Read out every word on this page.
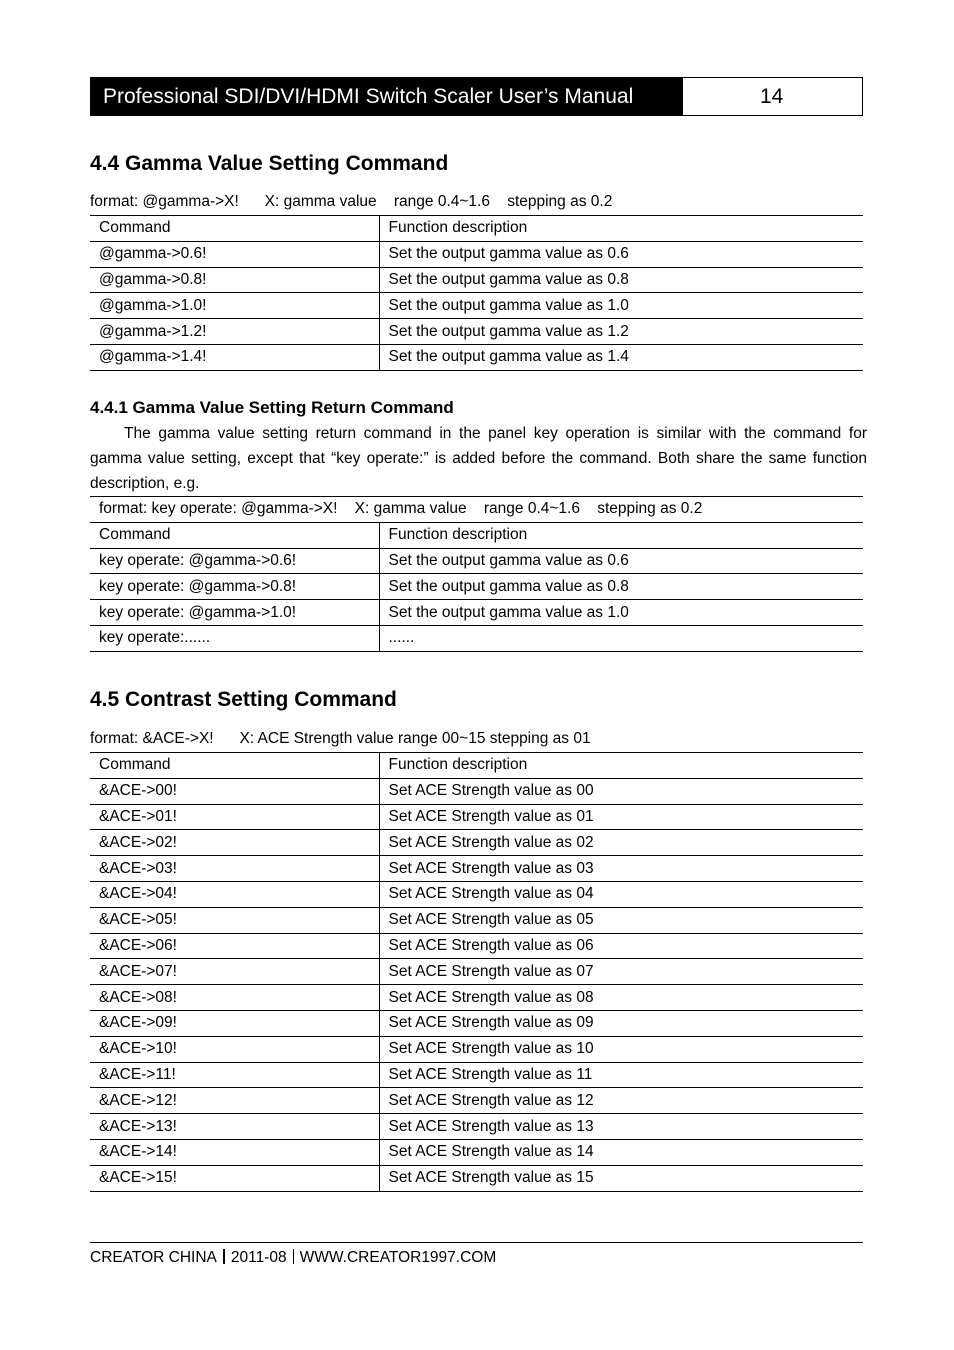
Professional SDI/DVI/HDMI Switch Scaler User’s Manual	14
4.4 Gamma Value Setting Command
format: @gamma->X!      X: gamma value    range 0.4~1.6    stepping as 0.2
Command	Function description
@gamma->0.6!	Set the output gamma value as 0.6
@gamma->0.8!	Set the output gamma value as 0.8
@gamma->1.0!	Set the output gamma value as 1.0
@gamma->1.2!	Set the output gamma value as 1.2
@gamma->1.4!	Set the output gamma value as 1.4
4.4.1 Gamma Value Setting Return Command
The gamma value setting return command in the panel key operation is similar with the command for gamma value setting, except that “key operate:” is added before the command. Both share the same function description, e.g.
format: key operate: @gamma->X!    X: gamma value    range 0.4~1.6    stepping as 0.2	
Command	Function description
key operate: @gamma->0.6!	Set the output gamma value as 0.6
key operate: @gamma->0.8!	Set the output gamma value as 0.8
key operate: @gamma->1.0!	Set the output gamma value as 1.0
key operate:......	......
4.5 Contrast Setting Command
format: &ACE->X!      X: ACE Strength value range 00~15 stepping as 01
Command	Function description
&ACE->00!	Set ACE Strength value as 00
&ACE->01!	Set ACE Strength value as 01
&ACE->02!	Set ACE Strength value as 02
&ACE->03!	Set ACE Strength value as 03
&ACE->04!	Set ACE Strength value as 04
&ACE->05!	Set ACE Strength value as 05
&ACE->06!	Set ACE Strength value as 06
&ACE->07!	Set ACE Strength value as 07
&ACE->08!	Set ACE Strength value as 08
&ACE->09!	Set ACE Strength value as 09
&ACE->10!	Set ACE Strength value as 10
&ACE->11!	Set ACE Strength value as 11
&ACE->12!	Set ACE Strength value as 12
&ACE->13!	Set ACE Strength value as 13
&ACE->14!	Set ACE Strength value as 14
&ACE->15!	Set ACE Strength value as 15
CREATOR CHINA 2011-08 WWW.CREATOR1997.COM
